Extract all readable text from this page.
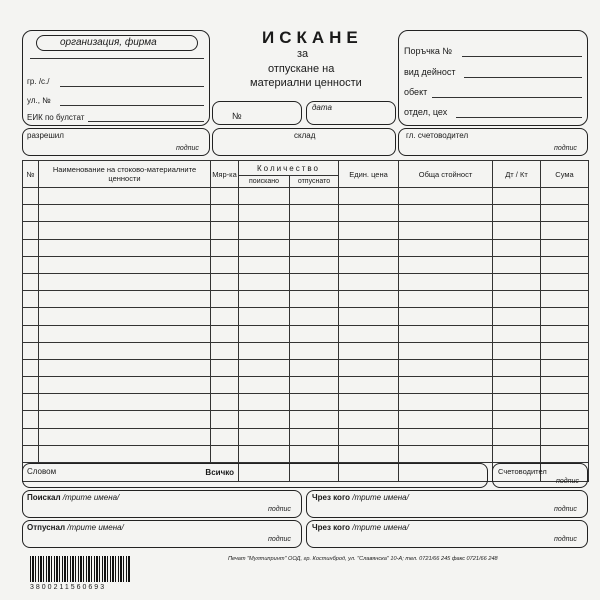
организация, фирма
гр. /с./
ул., №
ЕИК по булстат
ИСКАНЕ
за
отпускане на
материални ценности
№
дата
Поръчка №
вид дейност
обект
отдел, цех
разрешил
подпис
склад	гл. счетоводител
подпис
№	Наименование на стоково-материалните ценности	Мяр-ка	Количество		Един. цена	Обща стойност	Дт / Кт	Сума
			поискано	отпуснато				

Всичко								
Словом	Счетоводител
подпис
Поискал /трите имена/
подпис
Чрез кого /трите имена/
подпис
Отпуснал /трите имена/
подпис
Чрез кого /трите имена/
подпис
3800211560693
Печат "Мултипринт" ООД, гр. Костинброд, ул. "Славянска" 10-А; тел. 0721/66 245 факс 0721/66 248
